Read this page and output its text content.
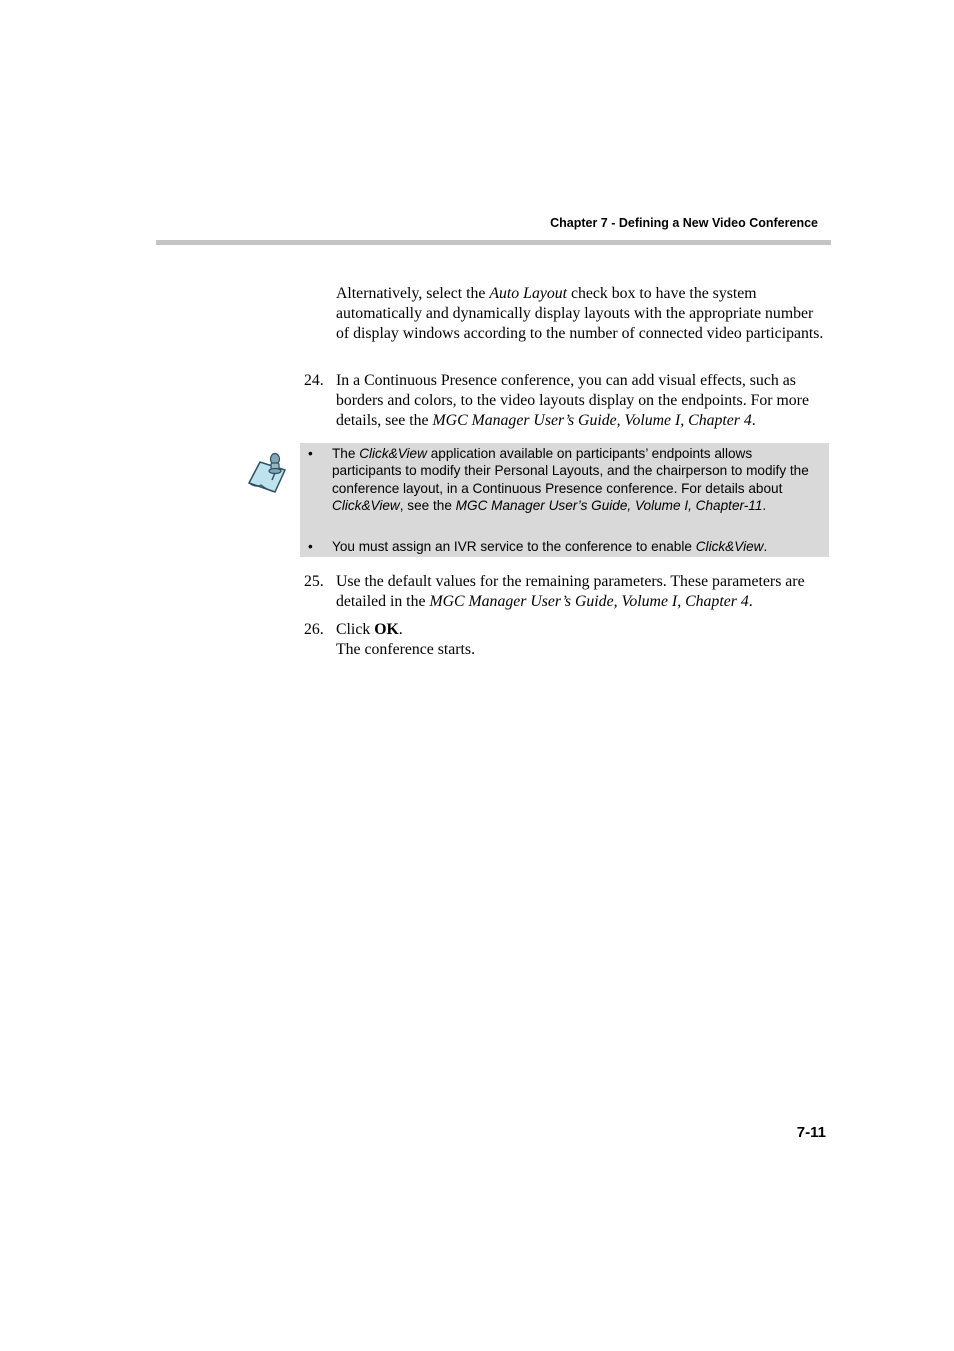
Chapter 7 - Defining a New Video Conference
Alternatively, select the Auto Layout check box to have the system automatically and dynamically display layouts with the appropriate number of display windows according to the number of connected video participants.
24. In a Continuous Presence conference, you can add visual effects, such as borders and colors, to the video layouts display on the endpoints. For more details, see the MGC Manager User’s Guide, Volume I, Chapter 4.
• The Click&View application available on participants’ endpoints allows participants to modify their Personal Layouts, and the chairperson to modify the conference layout, in a Continuous Presence conference. For details about Click&View, see the MGC Manager User’s Guide, Volume I, Chapter-11.
• You must assign an IVR service to the conference to enable Click&View.
25. Use the default values for the remaining parameters. These parameters are detailed in the MGC Manager User’s Guide, Volume I, Chapter 4.
26. Click OK.
The conference starts.
7-11
